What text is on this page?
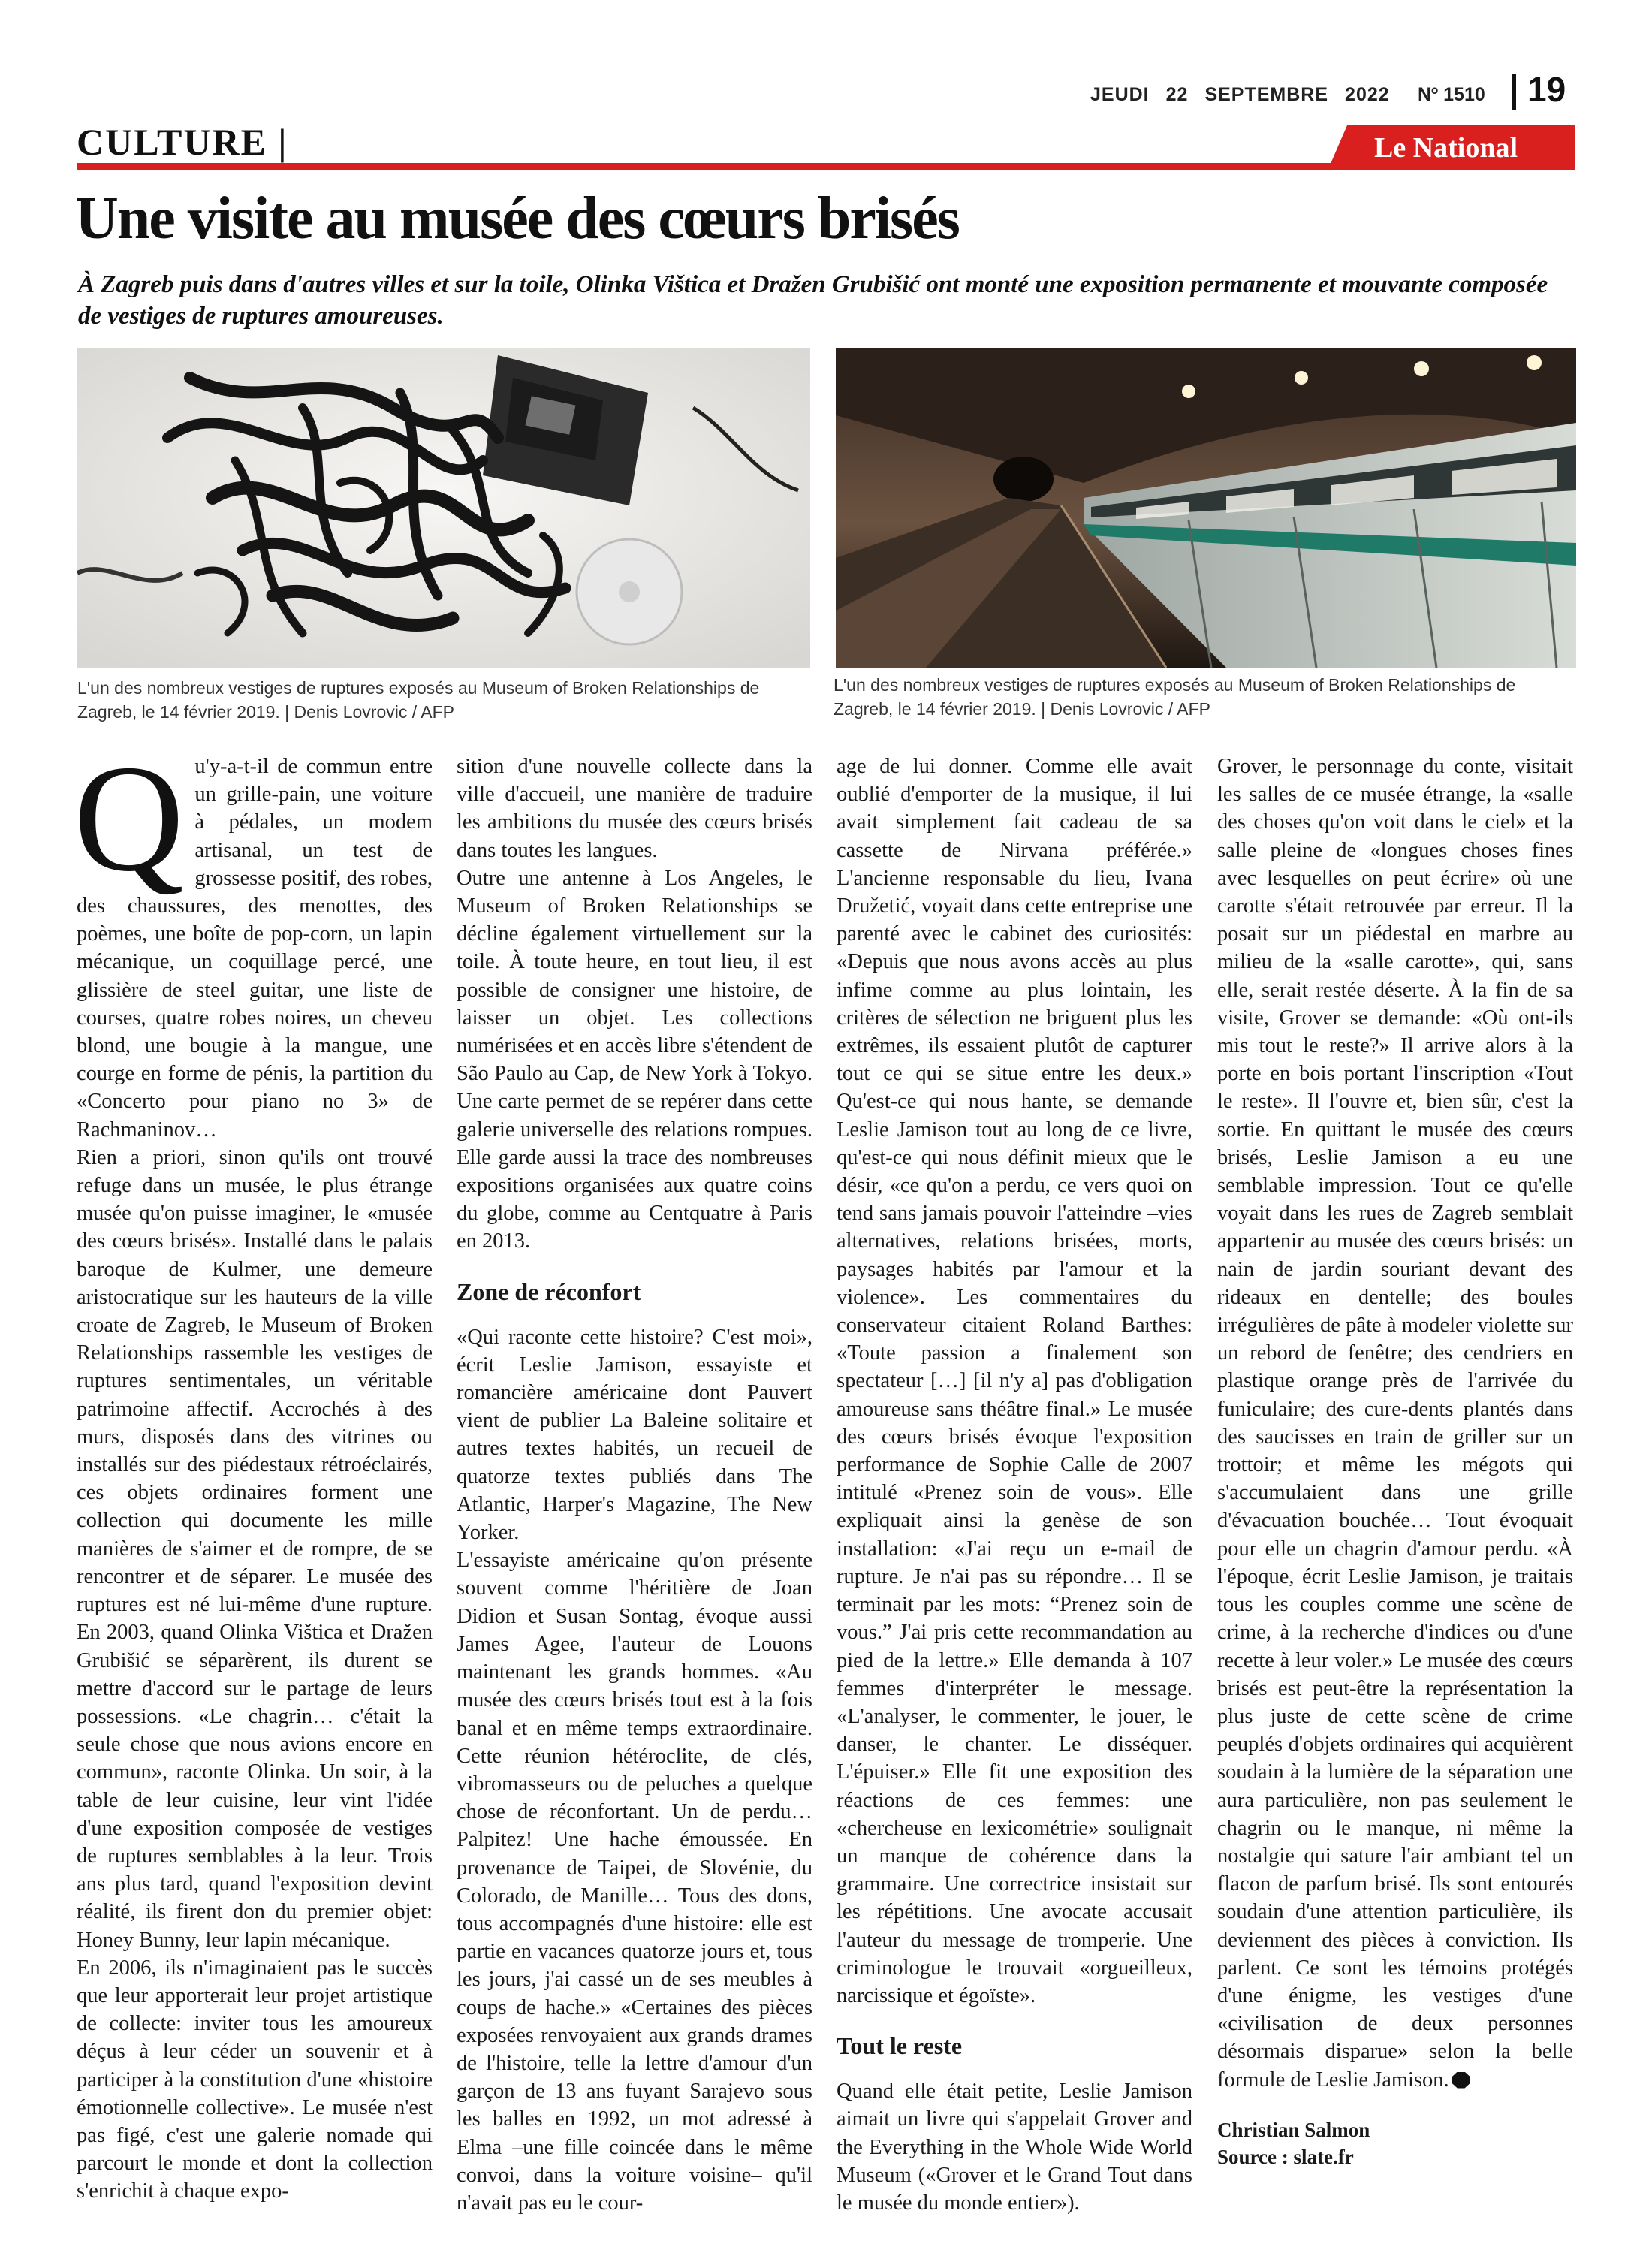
JEUDI 22 SEPTEMBRE 2022	Nº 1510 19
CULTURE |	Le National
Une visite au musée des cœurs brisés

À Zagreb puis dans d'autres villes et sur la toile, Olinka Vištica et Dražen Grubišić ont monté une exposition permanente et mouvante composée de vestiges de ruptures amoureuses.

L'un des nombreux vestiges de ruptures exposés au Museum of Broken Relationships de Zagreb, le 14 février 2019. | Denis Lovrovic / AFP

L'un des nombreux vestiges de ruptures exposés au Museum of Broken Relationships de Zagreb, le 14 février 2019. | Denis Lovrovic / AFP

Qu'y-a-t-il de commun entre un grille-pain, une voiture à pédales, un modem artisanal, un test de grossesse positif, des robes, des chaussures, des menottes, des poèmes, une boîte de pop-corn, un lapin mécanique, un coquillage percé, une glissière de steel guitar, une liste de courses, quatre robes noires, un cheveu blond, une bougie à la mangue, une courge en forme de pénis, la partition du «Concerto pour piano no 3» de Rachmaninov…

Rien a priori, sinon qu'ils ont trouvé refuge dans un musée, le plus étrange musée qu'on puisse imaginer, le «musée des cœurs brisés». Installé dans le palais baroque de Kulmer, une demeure aristocratique sur les hauteurs de la ville croate de Zagreb, le Museum of Broken Relationships rassemble les vestiges de ruptures sentimentales, un véritable patrimoine affectif. Accrochés à des murs, disposés dans des vitrines ou installés sur des piédestaux rétroéclairés, ces objets ordinaires forment une collection qui documente les mille manières de s'aimer et de rompre, de se rencontrer et de séparer. Le musée des ruptures est né lui-même d'une rupture. En 2003, quand Olinka Vištica et Dražen Grubišić se séparèrent, ils durent se mettre d'accord sur le partage de leurs possessions. «Le chagrin… c'était la seule chose que nous avions encore en commun», raconte Olinka. Un soir, à la table de leur cuisine, leur vint l'idée d'une exposition composée de vestiges de ruptures semblables à la leur. Trois ans plus tard, quand l'exposition devint réalité, ils firent don du premier objet: Honey Bunny, leur lapin mécanique.

En 2006, ils n'imaginaient pas le succès que leur apporterait leur projet artistique de collecte: inviter tous les amoureux déçus à leur céder un souvenir et à participer à la constitution d'une «histoire émotionnelle collective». Le musée n'est pas figé, c'est une galerie nomade qui parcourt le monde et dont la collection s'enrichit à chaque expo-

sition d'une nouvelle collecte dans la ville d'accueil, une manière de traduire les ambitions du musée des cœurs brisés dans toutes les langues.

Outre une antenne à Los Angeles, le Museum of Broken Relationships se décline également virtuellement sur la toile. À toute heure, en tout lieu, il est possible de consigner une histoire, de laisser un objet. Les collections numérisées et en accès libre s'étendent de São Paulo au Cap, de New York à Tokyo. Une carte permet de se repérer dans cette galerie universelle des relations rompues. Elle garde aussi la trace des nombreuses expositions organisées aux quatre coins du globe, comme au Centquatre à Paris en 2013.

Zone de réconfort

«Qui raconte cette histoire? C'est moi», écrit Leslie Jamison, essayiste et romancière américaine dont Pauvert vient de publier La Baleine solitaire et autres textes habités, un recueil de quatorze textes publiés dans The Atlantic, Harper's Magazine, The New Yorker.

L'essayiste américaine qu'on présente souvent comme l'héritière de Joan Didion et Susan Sontag, évoque aussi James Agee, l'auteur de Louons maintenant les grands hommes. «Au musée des cœurs brisés tout est à la fois banal et en même temps extraordinaire. Cette réunion hétéroclite, de clés, vibromasseurs ou de peluches a quelque chose de réconfortant. Un de perdu… Palpitez! Une hache émoussée. En provenance de Taipei, de Slovénie, du Colorado, de Manille… Tous des dons, tous accompagnés d'une histoire: elle est partie en vacances quatorze jours et, tous les jours, j'ai cassé un de ses meubles à coups de hache.» «Certaines des pièces exposées renvoyaient aux grands drames de l'histoire, telle la lettre d'amour d'un garçon de 13 ans fuyant Sarajevo sous les balles en 1992, un mot adressé à Elma –une fille coincée dans le même convoi, dans la voiture voisine– qu'il n'avait pas eu le cour-

age de lui donner. Comme elle avait oublié d'emporter de la musique, il lui avait simplement fait cadeau de sa cassette de Nirvana préférée.» L'ancienne responsable du lieu, Ivana Družetić, voyait dans cette entreprise une parenté avec le cabinet des curiosités: «Depuis que nous avons accès au plus infime comme au plus lointain, les critères de sélection ne briguent plus les extrêmes, ils essaient plutôt de capturer tout ce qui se situe entre les deux.» Qu'est-ce qui nous hante, se demande Leslie Jamison tout au long de ce livre, qu'est-ce qui nous définit mieux que le désir, «ce qu'on a perdu, ce vers quoi on tend sans jamais pouvoir l'atteindre –vies alternatives, relations brisées, morts, paysages habités par l'amour et la violence». Les commentaires du conservateur citaient Roland Barthes: «Toute passion a finalement son spectateur […] [il n'y a] pas d'obligation amoureuse sans théâtre final.» Le musée des cœurs brisés évoque l'exposition performance de Sophie Calle de 2007 intitulé «Prenez soin de vous». Elle expliquait ainsi la genèse de son installation: «J'ai reçu un e-mail de rupture. Je n'ai pas su répondre… Il se terminait par les mots: “Prenez soin de vous.” J'ai pris cette recommandation au pied de la lettre.» Elle demanda à 107 femmes d'interpréter le message. «L'analyser, le commenter, le jouer, le danser, le chanter. Le disséquer. L'épuiser.» Elle fit une exposition des réactions de ces femmes: une «chercheuse en lexicométrie» soulignait un manque de cohérence dans la grammaire. Une correctrice insistait sur les répétitions. Une avocate accusait l'auteur du message de tromperie. Une criminologue le trouvait «orgueilleux, narcissique et égoïste».

Tout le reste

Quand elle était petite, Leslie Jamison aimait un livre qui s'appelait Grover and the Everything in the Whole Wide World Museum («Grover et le Grand Tout dans le musée du monde entier»).

Grover, le personnage du conte, visitait les salles de ce musée étrange, la «salle des choses qu'on voit dans le ciel» et la salle pleine de «longues choses fines avec lesquelles on peut écrire» où une carotte s'était retrouvée par erreur. Il la posait sur un piédestal en marbre au milieu de la «salle carotte», qui, sans elle, serait restée déserte. À la fin de sa visite, Grover se demande: «Où ont-ils mis tout le reste?» Il arrive alors à la porte en bois portant l'inscription «Tout le reste». Il l'ouvre et, bien sûr, c'est la sortie. En quittant le musée des cœurs brisés, Leslie Jamison a eu une semblable impression. Tout ce qu'elle voyait dans les rues de Zagreb semblait appartenir au musée des cœurs brisés: un nain de jardin souriant devant des rideaux en dentelle; des boules irrégulières de pâte à modeler violette sur un rebord de fenêtre; des cendriers en plastique orange près de l'arrivée du funiculaire; des cure-dents plantés dans des saucisses en train de griller sur un trottoir; et même les mégots qui s'accumulaient dans une grille d'évacuation bouchée… Tout évoquait pour elle un chagrin d'amour perdu. «À l'époque, écrit Leslie Jamison, je traitais tous les couples comme une scène de crime, à la recherche d'indices ou d'une recette à leur voler.» Le musée des cœurs brisés est peut-être la représentation la plus juste de cette scène de crime peuplés d'objets ordinaires qui acquièrent soudain à la lumière de la séparation une aura particulière, non pas seulement le chagrin ou le manque, ni même la nostalgie qui sature l'air ambiant tel un flacon de parfum brisé. Ils sont entourés soudain d'une attention particulière, ils deviennent des pièces à conviction. Ils parlent. Ce sont les témoins protégés d'une énigme, les vestiges d'une «civilisation de deux personnes désormais disparue» selon la belle formule de Leslie Jamison.

Christian Salmon
Source : slate.fr
